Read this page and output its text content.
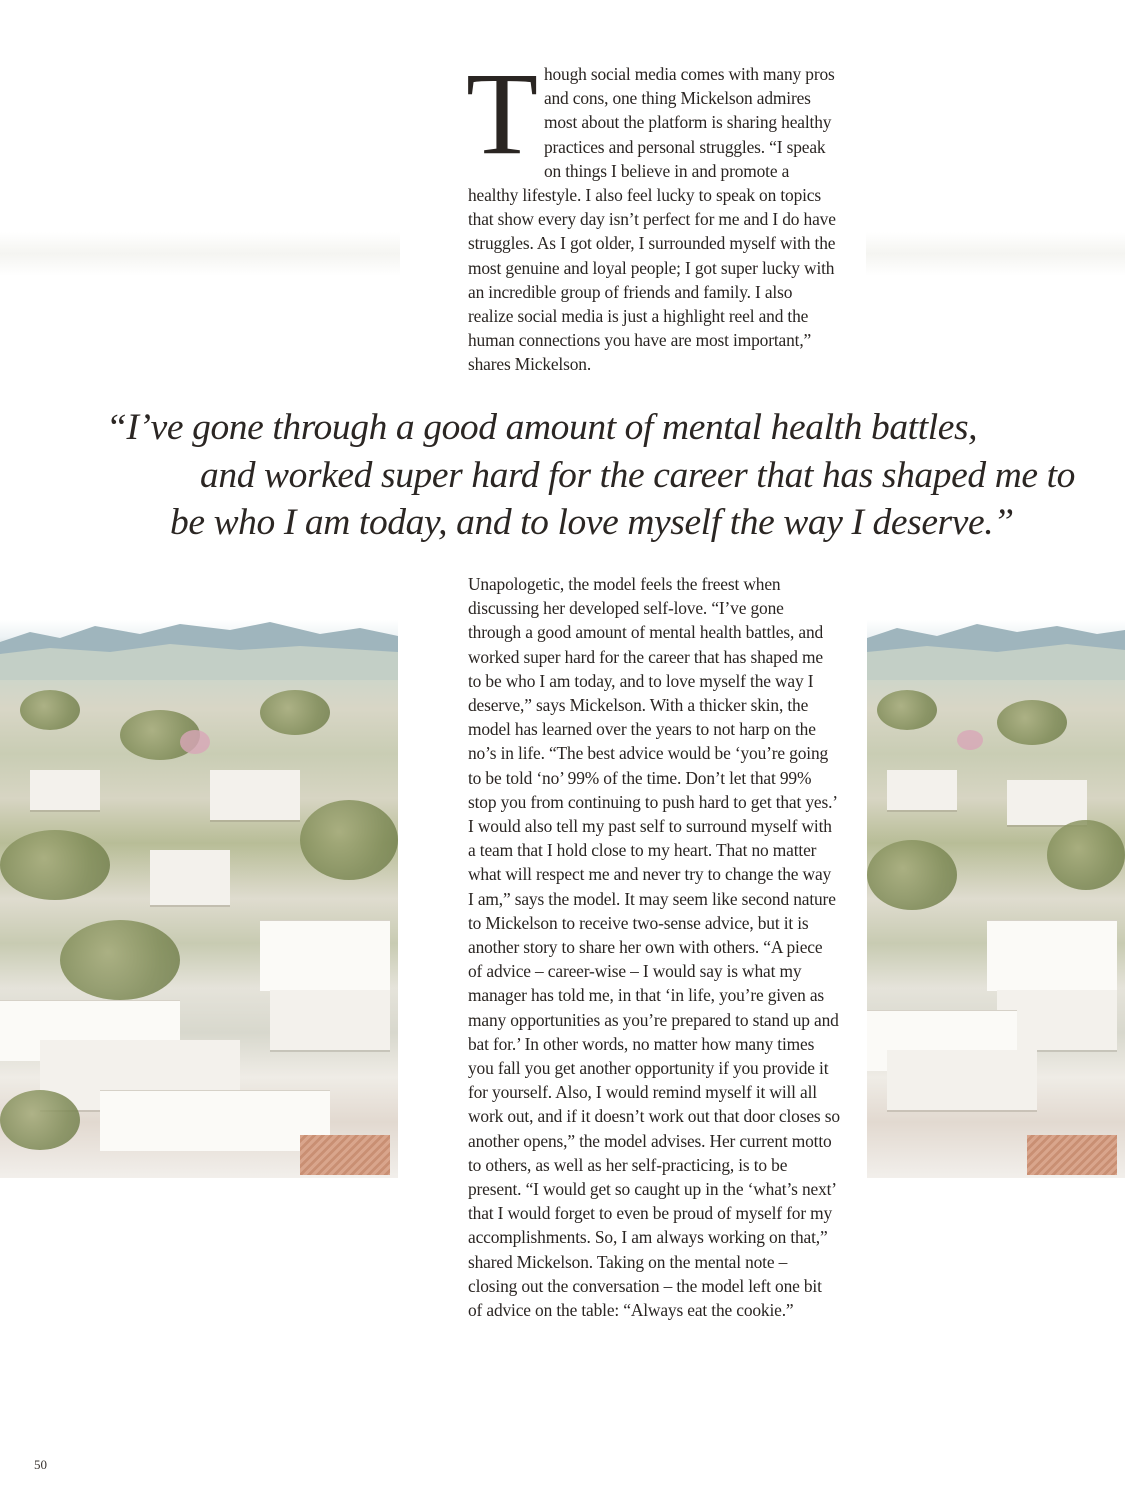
Though social media comes with many pros and cons, one thing Mickelson admires most about the platform is sharing healthy practices and personal struggles. “I speak on things I believe in and promote a healthy lifestyle. I also feel lucky to speak on topics that show every day isn’t perfect for me and I do have struggles. As I got older, I surrounded myself with the most genuine and loyal people; I got super lucky with an incredible group of friends and family. I also realize social media is just a highlight reel and the human connections you have are most important,” shares Mickelson.

“I’ve gone through a good amount of mental health battles,
and worked super hard for the career that has shaped me to
be who I am today, and to love myself the way I deserve.”

Unapologetic, the model feels the freest when discussing her developed self-love. “I’ve gone through a good amount of mental health battles, and worked super hard for the career that has shaped me to be who I am today, and to love myself the way I deserve,” says Mickelson. With a thicker skin, the model has learned over the years to not harp on the no’s in life. “The best advice would be ‘you’re going to be told ‘no’ 99% of the time. Don’t let that 99% stop you from continuing to push hard to get that yes.’ I would also tell my past self to surround myself with a team that I hold close to my heart. That no matter what will respect me and never try to change the way I am,” says the model. It may seem like second nature to Mickelson to receive two-sense advice, but it is another story to share her own with others. “A piece of advice – career-wise – I would say is what my manager has told me, in that ‘in life, you’re given as many opportunities as you’re prepared to stand up and bat for.’ In other words, no matter how many times you fall you get another opportunity if you provide it for yourself. Also, I would remind myself it will all work out, and if it doesn’t work out that door closes so another opens,” the model advises. Her current motto to others, as well as her self-practicing, is to be present. “I would get so caught up in the ‘what’s next’ that I would forget to even be proud of myself for my accomplishments. So, I am always working on that,” shared Mickelson. Taking on the mental note – closing out the conversation – the model left one bit of advice on the table: “Always eat the cookie.”

50
